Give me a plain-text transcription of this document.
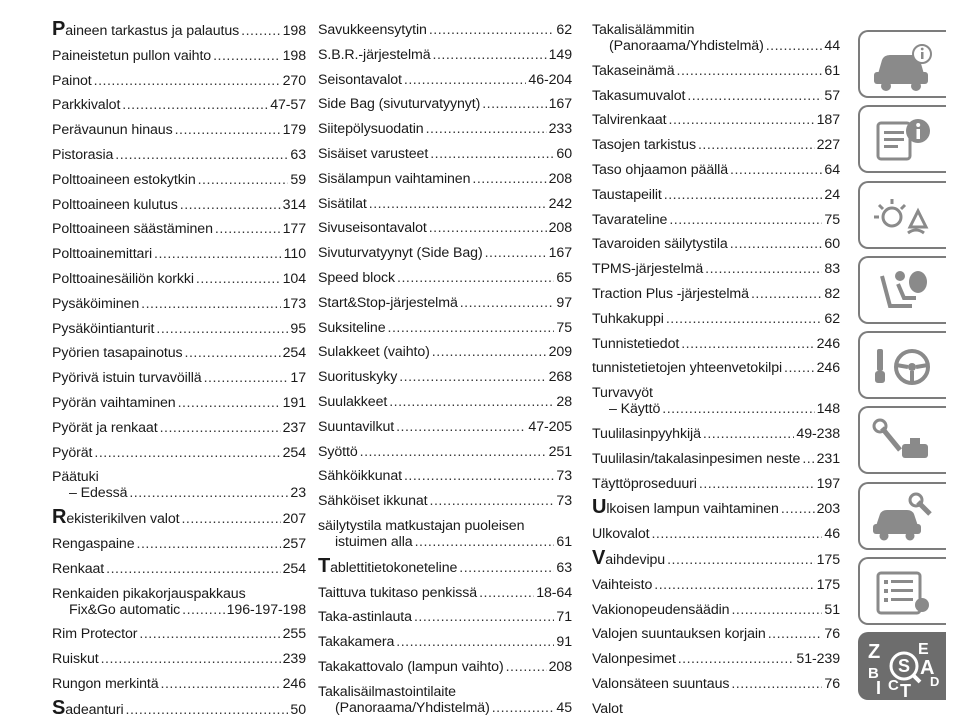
Paineen tarkastus ja palautus .....	198
Paineistetun pullon vaihto .....	198
Painot .....	270
Parkkivalot .....	47-57
Perävaunun hinaus .....	179
Pistorasia .....	63
Polttoaineen estokytkin .....	59
Polttoaineen kulutus .....	314
Polttoaineen säästäminen .....	177
Polttoainemittari .....	110
Polttoainesäiliön korkki .....	104
Pysäköiminen .....	173
Pysäköintianturit .....	95
Pyörien tasapainotus .....	254
Pyörivä istuin turvavöillä .....	17
Pyörän vaihtaminen .....	191
Pyörät ja renkaat .....	237
Pyörät .....	254
Päätuki
– Edessä .....	23
Rekisterikilven valot .....	207
Rengaspaine .....	257
Renkaat .....	254
Renkaiden pikakorjauspakkaus
Fix&Go automatic .....	196-197-198
Rim Protector .....	255
Ruiskut .....	239
Rungon merkintä .....	246
Sadeanturi .....	50
Savukkeensytytin .....	62
S.B.R.-järjestelmä .....	149
Seisontavalot .....	46-204
Side Bag (sivuturvatyynyt) .....	167
Siitepölysuodatin .....	233
Sisäiset varusteet .....	60
Sisälampun vaihtaminen .....	208
Sisätilat .....	242
Sivuseisontavalot .....	208
Sivuturvatyynyt (Side Bag) .....	167
Speed block .....	65
Start&Stop-järjestelmä .....	97
Suksiteline .....	75
Sulakkeet (vaihto) .....	209
Suorituskyky .....	268
Suulakkeet .....	28
Suuntavilkut .....	47-205
Syöttö .....	251
Sähköikkunat .....	73
Sähköiset ikkunat .....	73
säilytystila matkustajan puoleisen
istuimen alla .....	61
Tablettitietokoneteline .....	63
Taittuva tukitaso penkissä .....	18-64
Taka-astinlauta .....	71
Takakamera .....	91
Takakattovalo (lampun vaihto) .....	208
Takalisäilmastointilaite
(Panoraama/Yhdistelmä) .....	45
Takalisälämmitin
(Panoraama/Yhdistelmä) .....	44
Takaseinämä .....	61
Takasumuvalot .....	57
Talvirenkaat .....	187
Tasojen tarkistus .....	227
Taso ohjaamon päällä .....	64
Taustapeilit .....	24
Tavarateline .....	75
Tavaroiden säilytystila .....	60
TPMS-järjestelmä .....	83
Traction Plus -järjestelmä .....	82
Tuhkakuppi .....	62
Tunnistetiedot .....	246
tunnistetietojen yhteenvetokilpi ..... 246
Turvavyöt
– Käyttö .....	148
Tuulilasinpyyhkijä .....	49-238
Tuulilasin/takalasinpesimen neste ..... 231
Täyttöproseduuri .....	197
Ulkoisen lampun vaihtaminen .....	203
Ulkovalot .....	46
Vaihdevipu .....	175
Vaihteisto .....	175
Vakionopeudensäädin .....	51
Valojen suuntauksen korjain .....	76
Valonpesimet .....	51-239
Valonsäteen suuntaus .....	76
Valot
Z
S
E
B A
I C T D
